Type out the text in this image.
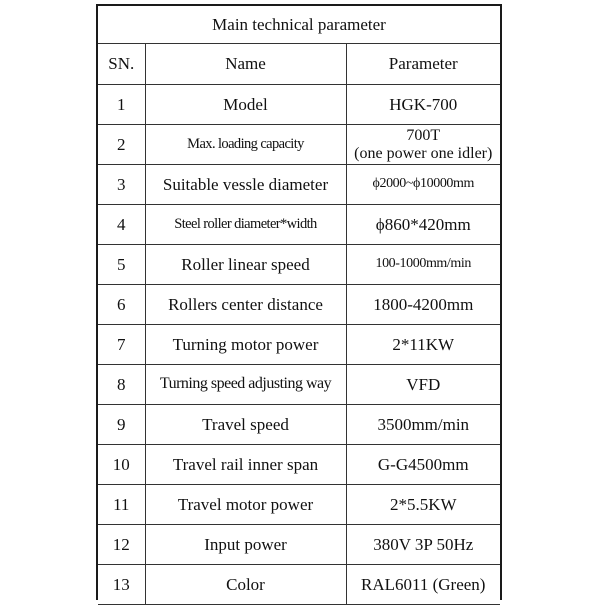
Main technical parameter		
SN.	Name	Parameter
1	Model	HGK-700
2	Max. loading capacity	700T
(one power one idler)

3	Suitable vessle diameter	ϕ2000~ϕ10000mm
4	Steel roller diameter*width	ϕ860*420mm
5	Roller linear speed	100-1000mm/min
6	Rollers center distance	1800-4200mm
7	Turning motor power	2*11KW
8	Turning speed adjusting way	VFD
9	Travel speed	3500mm/min
10	Travel rail inner span	G-G4500mm
11	Travel motor power	2*5.5KW
12	Input power	380V 3P 50Hz
13	Color	RAL6011 (Green)
